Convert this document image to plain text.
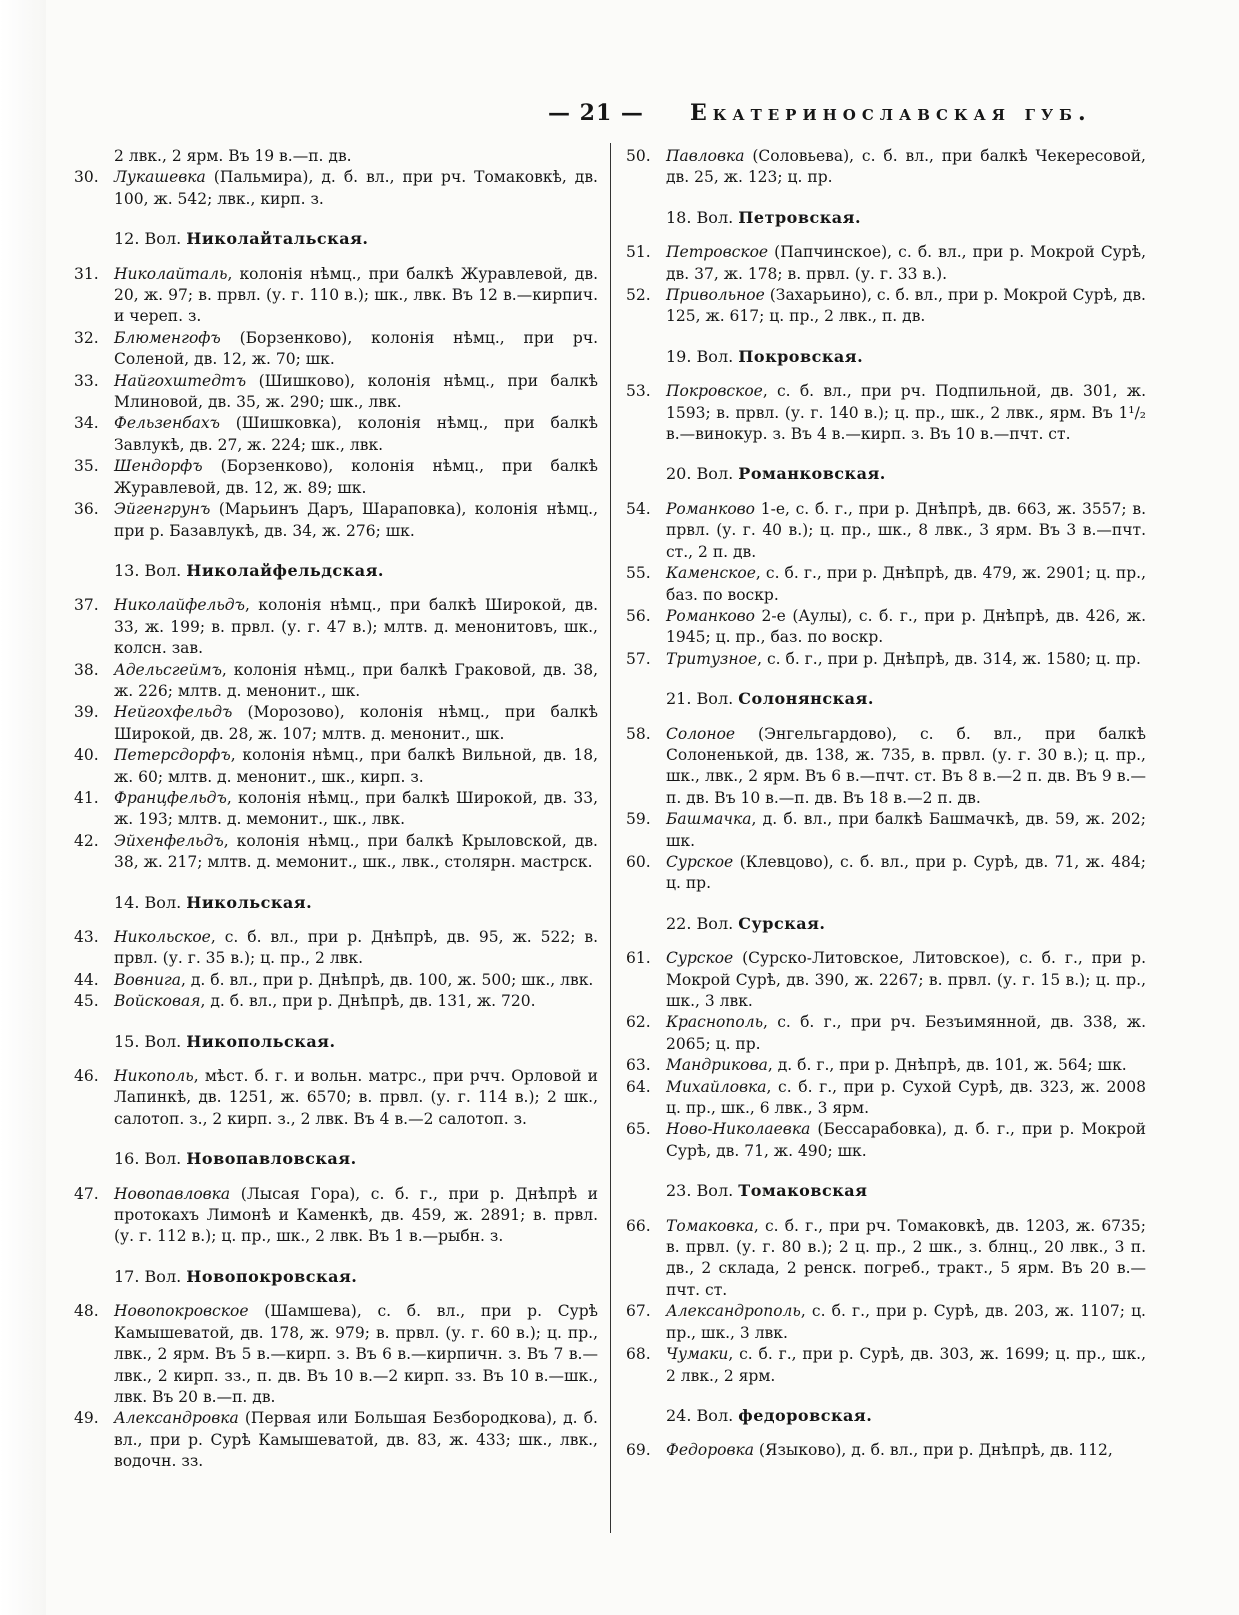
— 21 — Екатеринославская губ.
2 лвк., 2 ярм. Въ 19 в.—п. дв.
30. Лукашевка (Пальмира), д. б. вл., при рч. Томаковкѣ, дв. 100, ж. 542; лвк., кирп. з.
12. Вол. Николайтальская.
31. Николайталь, колонія нѣмц., при балкѣ Журавлевой, дв. 20, ж. 97; в. првл. (у. г. 110 в.); шк., лвк. Въ 12 в.—кирпич. и череп. з.
32. Блюменгофъ (Борзенково), колонія нѣмц., при рч. Соленой, дв. 12, ж. 70; шк.
33. Найгохштедтъ (Шишково), колонія нѣмц., при балкѣ Млиновой, дв. 35, ж. 290; шк., лвк.
34. Фельзенбахъ (Шишковка), колонія нѣмц., при балкѣ Завлукѣ, дв. 27, ж. 224; шк., лвк.
35. Шендорфъ (Борзенково), колонія нѣмц., при балкѣ Журавлевой, дв. 12, ж. 89; шк.
36. Эйгенгрунъ (Марьинъ Даръ, Шараповка), колонія нѣмц., при р. Базавлукѣ, дв. 34, ж. 276; шк.
13. Вол. Николайфельдская.
37. Николайфельдъ, колонія нѣмц., при балкѣ Широкой, дв. 33, ж. 199; в. првл. (у. г. 47 в.); млтв. д. менонитовъ, шк., колсн. зав.
38. Адельсгеймъ, колонія нѣмц., при балкѣ Граковой, дв. 38, ж. 226; млтв. д. менонит., шк.
39. Нейгохфельдъ (Морозово), колонія нѣмц., при балкѣ Широкой, дв. 28, ж. 107; млтв. д. менонит., шк.
40. Петерсдорфъ, колонія нѣмц., при балкѣ Вильной, дв. 18, ж. 60; млтв. д. менонит., шк., кирп. з.
41. Францфельдъ, колонія нѣмц., при балкѣ Широкой, дв. 33, ж. 193; млтв. д. мемонит., шк., лвк.
42. Эйхенфельдъ, колонія нѣмц., при балкѣ Крыловской, дв. 38, ж. 217; млтв. д. мемонит., шк., лвк., столярн. мастрск.
14. Вол. Никольская.
43. Никольское, с. б. вл., при р. Днѣпрѣ, дв. 95, ж. 522; в. првл. (у. г. 35 в.); ц. пр., 2 лвк.
44. Вовнига, д. б. вл., при р. Днѣпрѣ, дв. 100, ж. 500; шк., лвк.
45. Войсковая, д. б. вл., при р. Днѣпрѣ, дв. 131, ж. 720.
15. Вол. Никопольская.
46. Никополь, мѣст. б. г. и вольн. матрс., при рчч. Орловой и Лапинкѣ, дв. 1251, ж. 6570; в. првл. (у. г. 114 в.); 2 шк., салотоп. з., 2 кирп. з., 2 лвк. Въ 4 в.—2 салотоп. з.
16. Вол. Новопавловская.
47. Новопавловка (Лысая Гора), с. б. г., при р. Днѣпрѣ и протокахъ Лимонѣ и Каменкѣ, дв. 459, ж. 2891; в. првл. (у. г. 112 в.); ц. пр., шк., 2 лвк. Въ 1 в.—рыбн. з.
17. Вол. Новопокровская.
48. Новопокровское (Шамшева), с. б. вл., при р. Сурѣ Камышеватой, дв. 178, ж. 979; в. првл. (у. г. 60 в.); ц. пр., лвк., 2 ярм. Въ 5 в.—кирп. з. Въ 6 в.—кирпичн. з. Въ 7 в.—лвк., 2 кирп. зз., п. дв. Въ 10 в.—2 кирп. зз. Въ 10 в.—шк., лвк. Въ 20 в.—п. дв.
49. Александровка (Первая или Большая Безбородкова), д. б. вл., при р. Сурѣ Камышеватой, дв. 83, ж. 433; шк., лвк., водочн. зз.
50. Павловка (Соловьева), с. б. вл., при балкѣ Чекересовой, дв. 25, ж. 123; ц. пр.
18. Вол. Петровская.
51. Петровское (Папчинское), с. б. вл., при р. Мокрой Сурѣ, дв. 37, ж. 178; в. првл. (у. г. 33 в.).
52. Привольное (Захарьино), с. б. вл., при р. Мокрой Сурѣ, дв. 125, ж. 617; ц. пр., 2 лвк., п. дв.
19. Вол. Покровская.
53. Покровское, с. б. вл., при рч. Подпильной, дв. 301, ж. 1593; в. првл. (у. г. 140 в.); ц. пр., шк., 2 лвк., ярм. Въ 1¹/₂ в.—винокур. з. Въ 4 в.—кирп. з. Въ 10 в.—пчт. ст.
20. Вол. Романковская.
54. Романково 1-е, с. б. г., при р. Днѣпрѣ, дв. 663, ж. 3557; в. првл. (у. г. 40 в.); ц. пр., шк., 8 лвк., 3 ярм. Въ 3 в.—пчт. ст., 2 п. дв.
55. Каменское, с. б. г., при р. Днѣпрѣ, дв. 479, ж. 2901; ц. пр., баз. по воскр.
56. Романково 2-е (Аулы), с. б. г., при р. Днѣпрѣ, дв. 426, ж. 1945; ц. пр., баз. по воскр.
57. Тритузное, с. б. г., при р. Днѣпрѣ, дв. 314, ж. 1580; ц. пр.
21. Вол. Солонянская.
58. Солоное (Энгельгардово), с. б. вл., при балкѣ Солоненькой, дв. 138, ж. 735, в. првл. (у. г. 30 в.); ц. пр., шк., лвк., 2 ярм. Въ 6 в.—пчт. ст. Въ 8 в.—2 п. дв. Въ 9 в.—п. дв. Въ 10 в.—п. дв. Въ 18 в.—2 п. дв.
59. Башмачка, д. б. вл., при балкѣ Башмачкѣ, дв. 59, ж. 202; шк.
60. Сурское (Клевцово), с. б. вл., при р. Сурѣ, дв. 71, ж. 484; ц. пр.
22. Вол. Сурская.
61. Сурское (Сурско-Литовское, Литовское), с. б. г., при р. Мокрой Сурѣ, дв. 390, ж. 2267; в. првл. (у. г. 15 в.); ц. пр., шк., 3 лвк.
62. Краснополь, с. б. г., при рч. Безъимянной, дв. 338, ж. 2065; ц. пр.
63. Мандрикова, д. б. г., при р. Днѣпрѣ, дв. 101, ж. 564; шк.
64. Михайловка, с. б. г., при р. Сухой Сурѣ, дв. 323, ж. 2008 ц. пр., шк., 6 лвк., 3 ярм.
65. Ново-Николаевка (Бессарабовка), д. б. г., при р. Мокрой Сурѣ, дв. 71, ж. 490; шк.
23. Вол. Томаковская
66. Томаковка, с. б. г., при рч. Томаковкѣ, дв. 1203, ж. 6735; в. првл. (у. г. 80 в.); 2 ц. пр., 2 шк., з. блнц., 20 лвк., 3 п. дв., 2 склада, 2 ренск. погреб., тракт., 5 ярм. Въ 20 в.—пчт. ст.
67. Александрополь, с. б. г., при р. Сурѣ, дв. 203, ж. 1107; ц. пр., шк., 3 лвк.
68. Чумаки, с. б. г., при р. Сурѣ, дв. 303, ж. 1699; ц. пр., шк., 2 лвк., 2 ярм.
24. Вол. федоровская.
69. Федоровка (Языково), д. б. вл., при р. Днѣпрѣ, дв. 112,
